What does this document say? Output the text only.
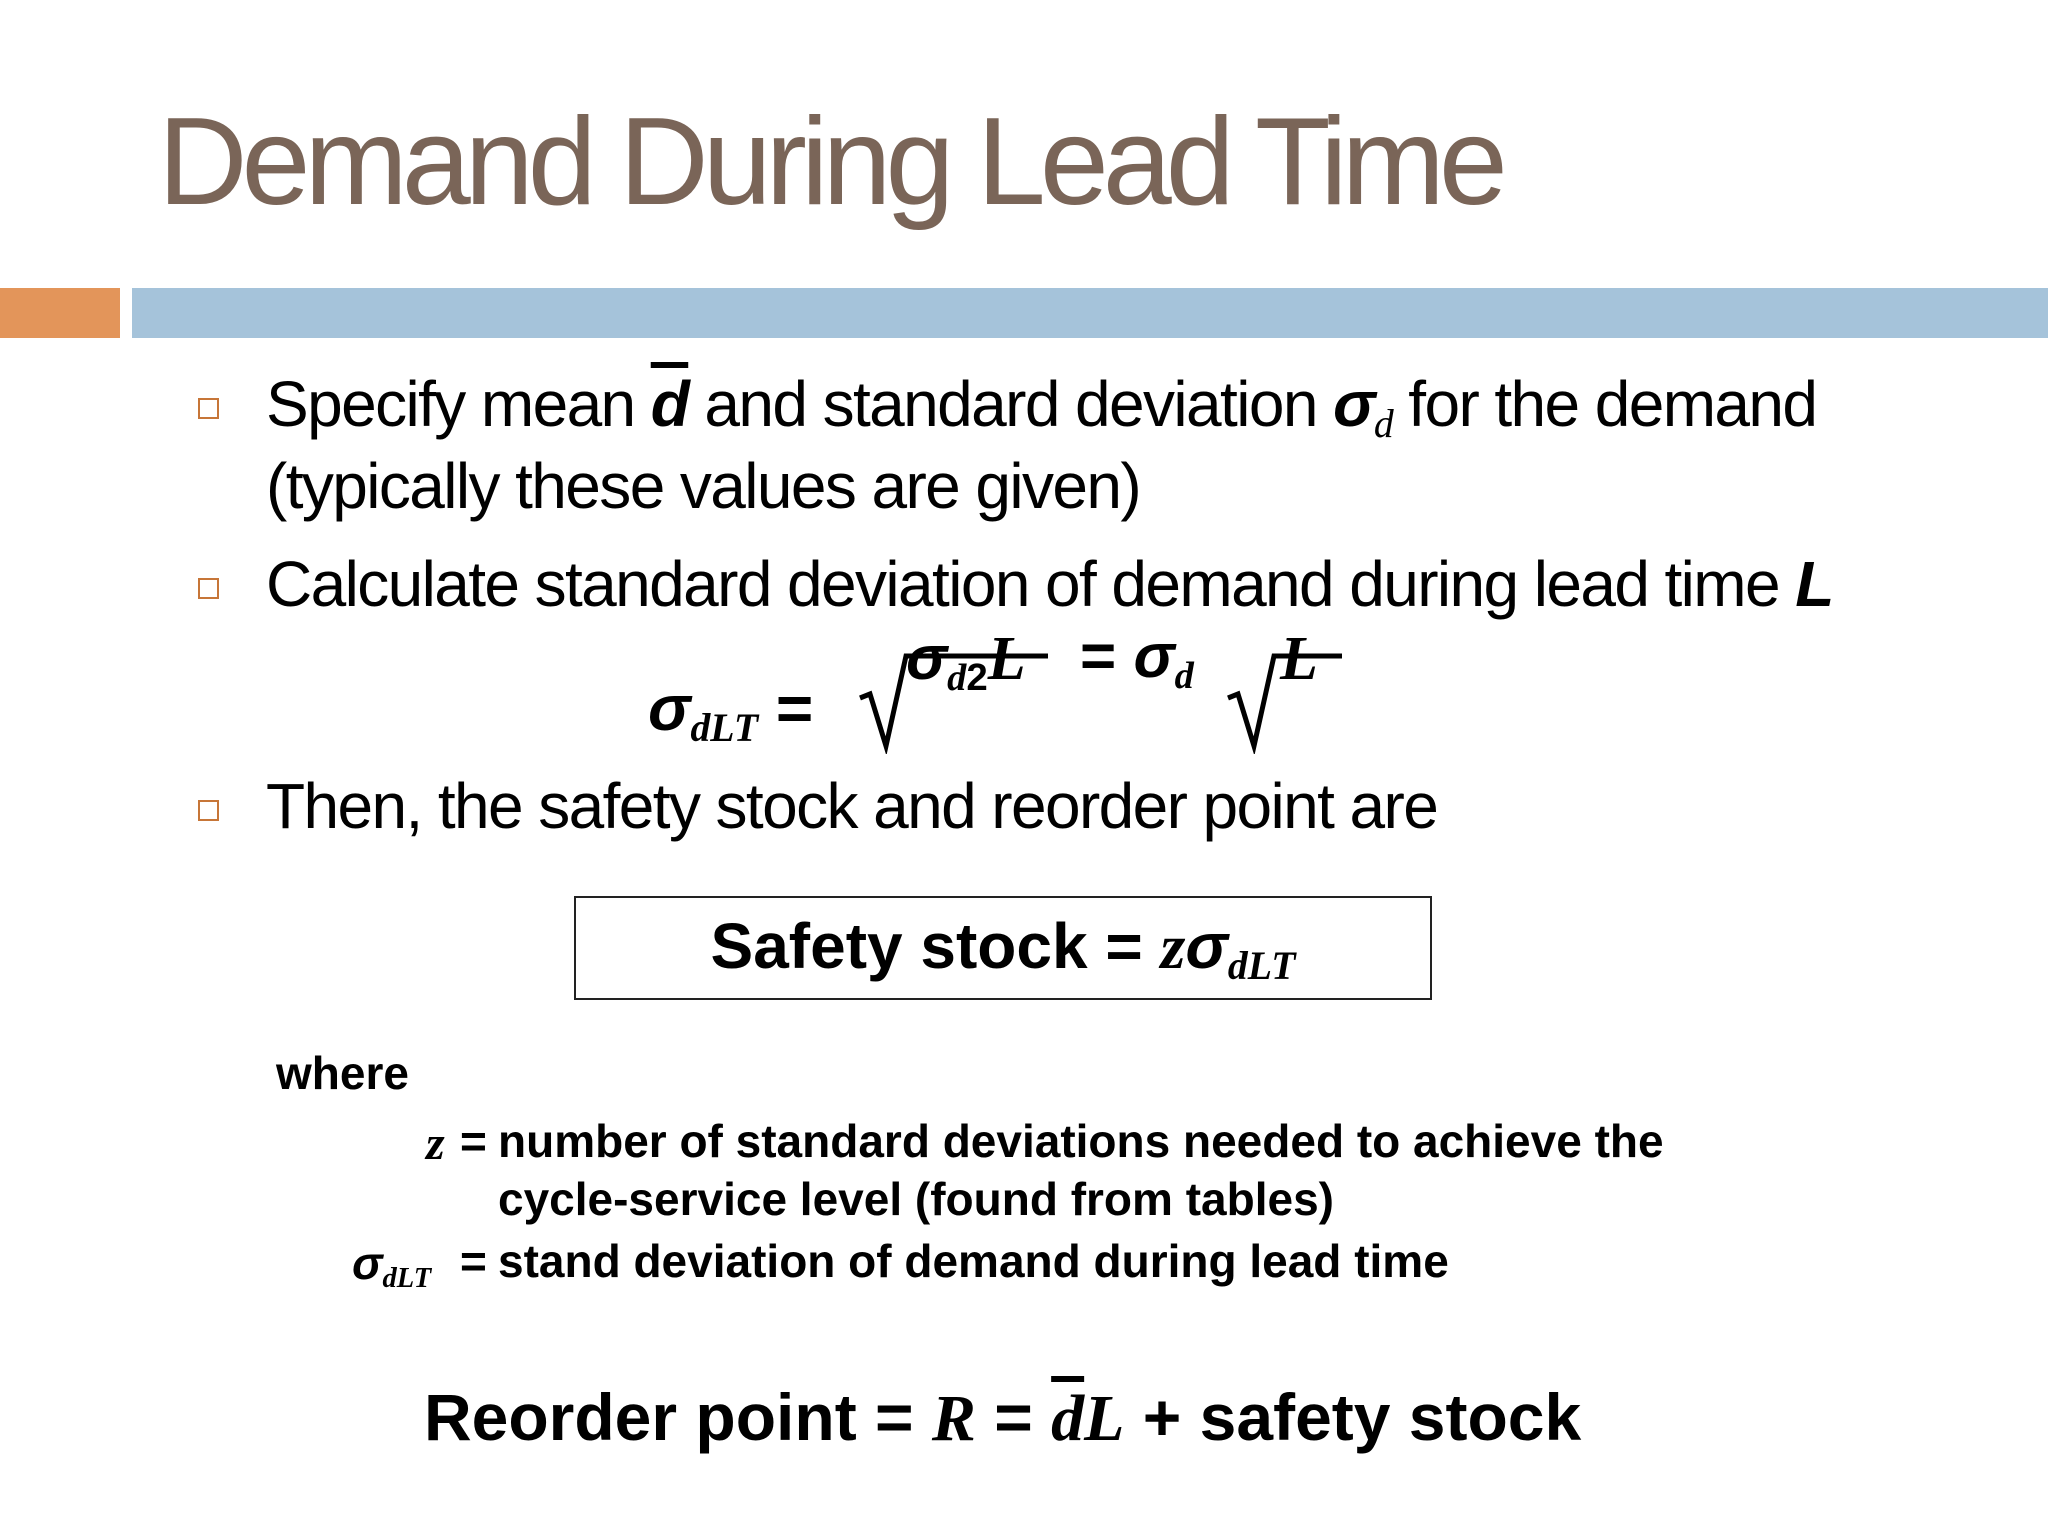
Demand During Lead Time
Specify mean $\overline{d}$ and standard deviation $\sigma_d$ for the demand
(typically these values are given)
Calculate standard deviation of demand during lead time L
$\sigma_{dLT}$ =
$\sigma_{d2}L = \sigma_d$ L
Then, the safety stock and reorder point are
Safety stock = $z\sigma_{dLT}$
where
z = number of standard deviations needed to achieve the
cycle-service level (found from tables)
$\sigma_{dLT} = stand$ deviation of demand during lead time
Reorder point = $R = \overline{d}L$ + safety stock
